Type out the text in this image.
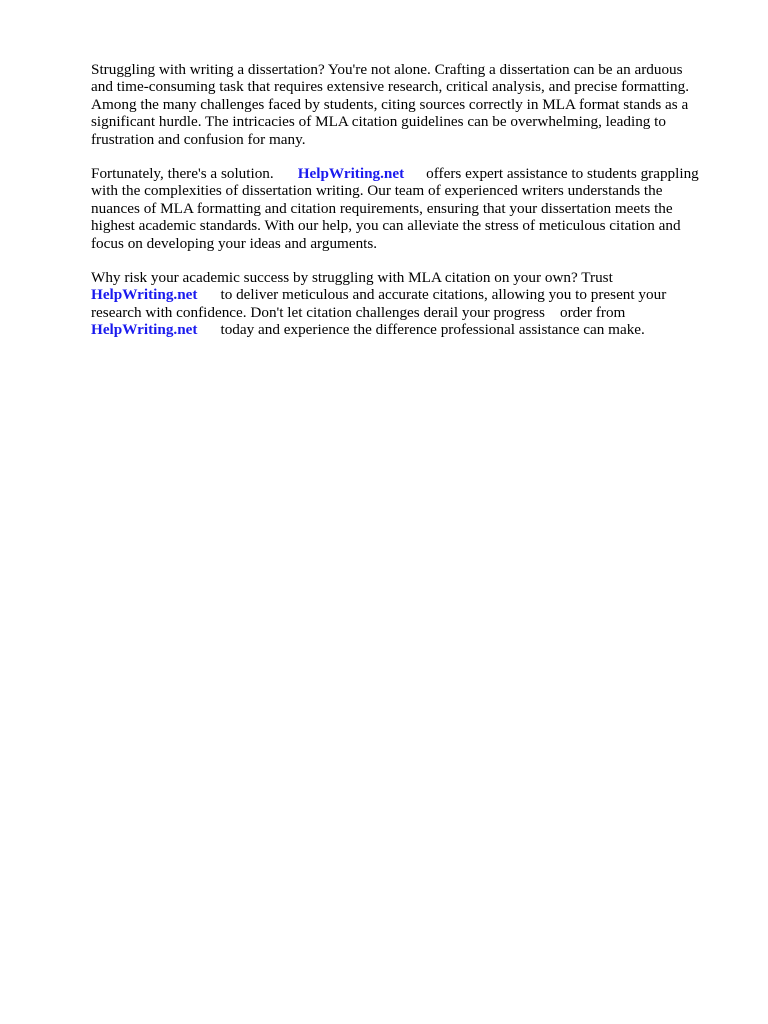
Struggling with writing a dissertation? You're not alone. Crafting a dissertation can be an arduous
and time-consuming task that requires extensive research, critical analysis, and precise formatting.
Among the many challenges faced by students, citing sources correctly in MLA format stands as a
significant hurdle. The intricacies of MLA citation guidelines can be overwhelming, leading to
frustration and confusion for many.

Fortunately, there's a solution. HelpWriting.net offers expert assistance to students grappling
with the complexities of dissertation writing. Our team of experienced writers understands the
nuances of MLA formatting and citation requirements, ensuring that your dissertation meets the
highest academic standards. With our help, you can alleviate the stress of meticulous citation and
focus on developing your ideas and arguments.

Why risk your academic success by struggling with MLA citation on your own? Trust
HelpWriting.net to deliver meticulous and accurate citations, allowing you to present your
research with confidence. Don't let citation challenges derail your progress order from
HelpWriting.net today and experience the difference professional assistance can make.
